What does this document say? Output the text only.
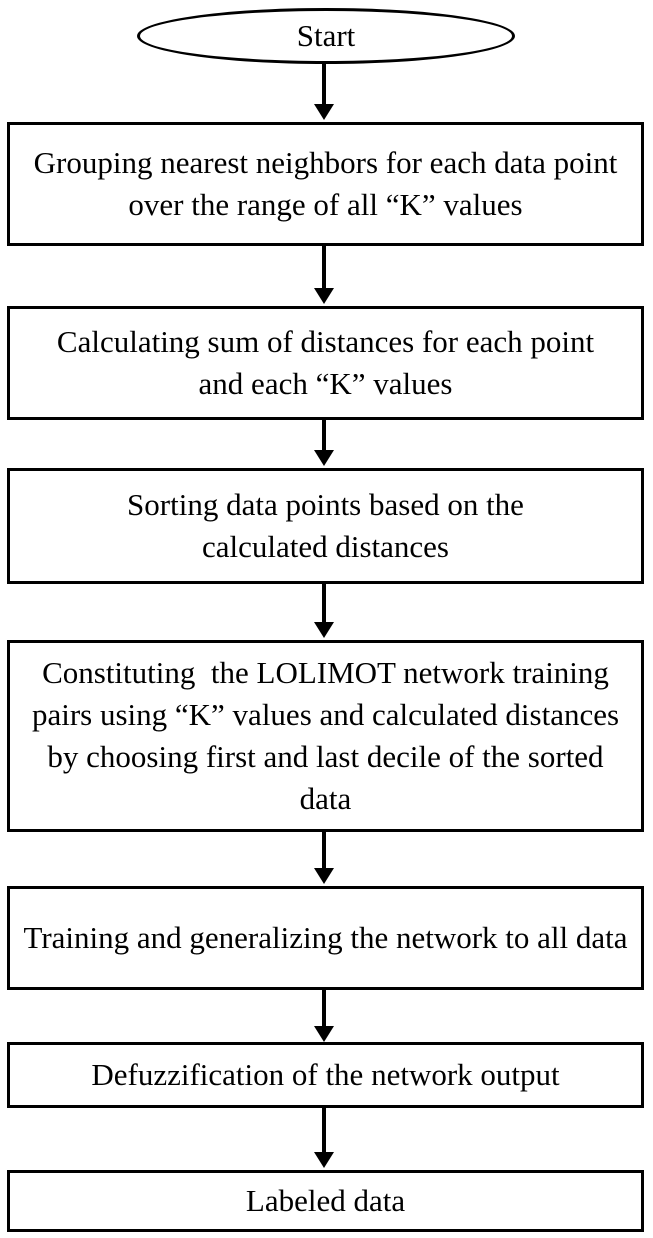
Start
Grouping nearest neighbors for each data point over the range of all “K” values
Calculating sum of distances for each point and each “K” values
Sorting data points based on the calculated distances
Constituting  the LOLIMOT network training pairs using “K” values and calculated distances by choosing first and last decile of the sorted data
Training and generalizing the network to all data
Defuzzification of the network output
Labeled data
